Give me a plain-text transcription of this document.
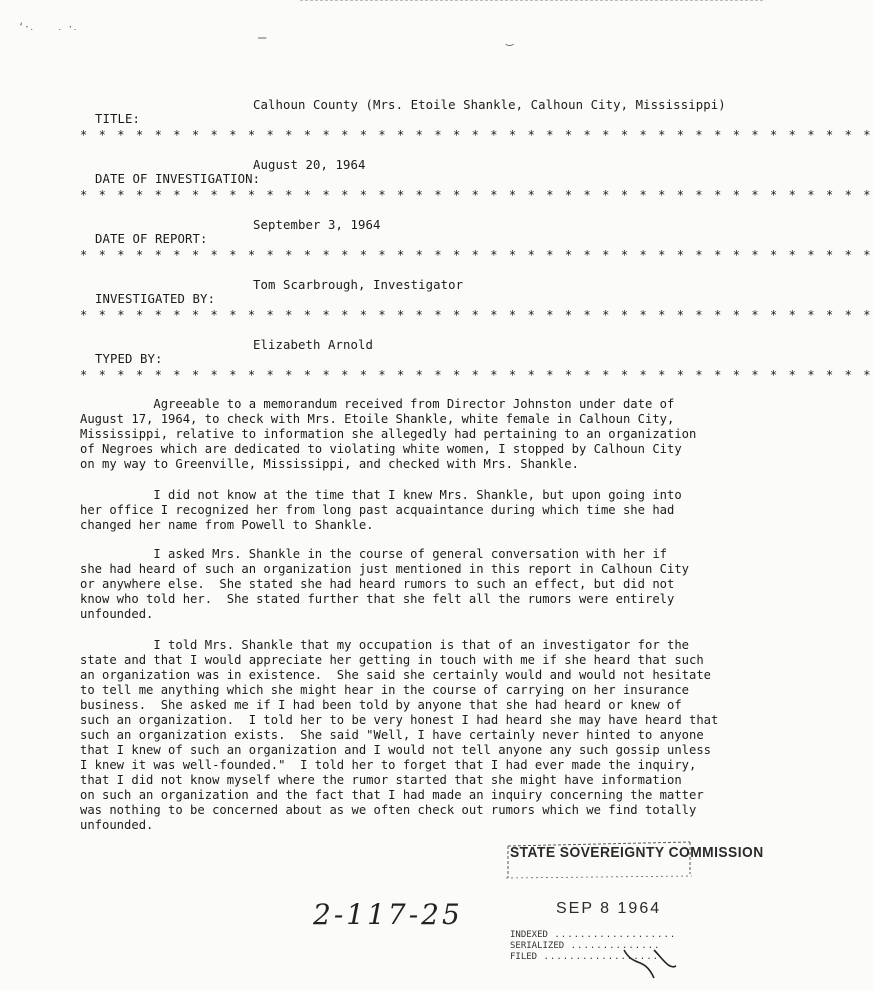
‘·․ ․ ·․
—	‿

TITLE:

Calhoun County (Mrs. Etoile Shankle, Calhoun City, Mississippi)

* * * * * * * * * * * * * * * * * * * * * * * * * * * * * * * * * * * * * * * * * * *

DATE OF INVESTIGATION:

August 20, 1964

* * * * * * * * * * * * * * * * * * * * * * * * * * * * * * * * * * * * * * * * * * *

DATE OF REPORT:

September 3, 1964

* * * * * * * * * * * * * * * * * * * * * * * * * * * * * * * * * * * * * * * * * * *

INVESTIGATED BY:

Tom Scarbrough, Investigator

* * * * * * * * * * * * * * * * * * * * * * * * * * * * * * * * * * * * * * * * * * *

TYPED BY:

Elizabeth Arnold

* * * * * * * * * * * * * * * * * * * * * * * * * * * * * * * * * * * * * * * * * * *

Agreeable to a memorandum received from Director Johnston under date of

August 17, 1964, to check with Mrs. Etoile Shankle, white female in Calhoun City,

Mississippi, relative to information she allegedly had pertaining to an organization

of Negroes which are dedicated to violating white women, I stopped by Calhoun City

on my way to Greenville, Mississippi, and checked with Mrs. Shankle.

I did not know at the time that I knew Mrs. Shankle, but upon going into

her office I recognized her from long past acquaintance during which time she had

changed her name from Powell to Shankle.

I asked Mrs. Shankle in the course of general conversation with her if

she had heard of such an organization just mentioned in this report in Calhoun City

or anywhere else.  She stated she had heard rumors to such an effect, but did not

know who told her.  She stated further that she felt all the rumors were entirely

unfounded.

I told Mrs. Shankle that my occupation is that of an investigator for the

state and that I would appreciate her getting in touch with me if she heard that such

an organization was in existence.  She said she certainly would and would not hesitate

to tell me anything which she might hear in the course of carrying on her insurance

business.  She asked me if I had been told by anyone that she had heard or knew of

such an organization.  I told her to be very honest I had heard she may have heard that

such an organization exists.  She said "Well, I have certainly never hinted to anyone

that I knew of such an organization and I would not tell anyone any such gossip unless

I knew it was well-founded."  I told her to forget that I had ever made the inquiry,

that I did not know myself where the rumor started that she might have information

on such an organization and the fact that I had made an inquiry concerning the matter

was nothing to be concerned about as we often check out rumors which we find totally

unfounded.

2-117-25
STATE SOVEREIGNTY COMMISSION
SEP 8 1964
INDEXED ...................
SERIALIZED ..............
FILED ..................
